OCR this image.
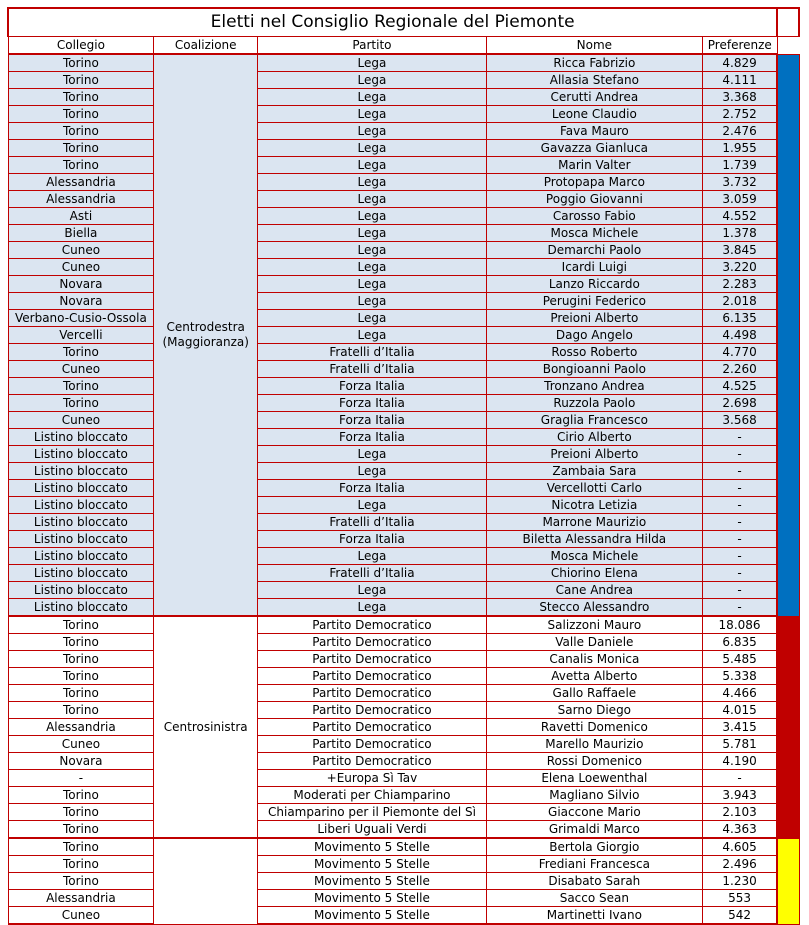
Eletti nel Consiglio Regionale del Piemonte					
Collegio	Coalizione	Partito	Nome	Preferenze	
Torino	Centrodestra (Maggioranza)	Lega	Ricca Fabrizio	4.829	
Torino		Lega	Allasia Stefano	4.111	
Torino		Lega	Cerutti Andrea	3.368	
Torino		Lega	Leone Claudio	2.752	
Torino		Lega	Fava Mauro	2.476	
Torino		Lega	Gavazza Gianluca	1.955	
Torino		Lega	Marin Valter	1.739	
Alessandria		Lega	Protopapa Marco	3.732	
Alessandria		Lega	Poggio Giovanni	3.059	
Asti		Lega	Carosso Fabio	4.552	
Biella		Lega	Mosca Michele	1.378	
Cuneo		Lega	Demarchi Paolo	3.845	
Cuneo		Lega	Icardi Luigi	3.220	
Novara		Lega	Lanzo Riccardo	2.283	
Novara		Lega	Perugini Federico	2.018	
Verbano-Cusio-Ossola		Lega	Preioni Alberto	6.135	
Vercelli		Lega	Dago Angelo	4.498	
Torino		Fratelli d’Italia	Rosso Roberto	4.770	
Cuneo		Fratelli d’Italia	Bongioanni Paolo	2.260	
Torino		Forza Italia	Tronzano Andrea	4.525	
Torino		Forza Italia	Ruzzola Paolo	2.698	
Cuneo		Forza Italia	Graglia Francesco	3.568	
Listino bloccato		Forza Italia	Cirio Alberto	-	
Listino bloccato		Lega	Preioni Alberto	-	
Listino bloccato		Lega	Zambaia Sara	-	
Listino bloccato		Forza Italia	Vercellotti Carlo	-	
Listino bloccato		Lega	Nicotra Letizia	-	
Listino bloccato		Fratelli d’Italia	Marrone Maurizio	-	
Listino bloccato		Forza Italia	Biletta Alessandra Hilda	-	
Listino bloccato		Lega	Mosca Michele	-	
Listino bloccato		Fratelli d’Italia	Chiorino Elena	-	
Listino bloccato		Lega	Cane Andrea	-	
Listino bloccato		Lega	Stecco Alessandro	-	
Torino	Centrosinistra	Partito Democratico	Salizzoni Mauro	18.086	
Torino		Partito Democratico	Valle Daniele	6.835	
Torino		Partito Democratico	Canalis Monica	5.485	
Torino		Partito Democratico	Avetta Alberto	5.338	
Torino		Partito Democratico	Gallo Raffaele	4.466	
Torino		Partito Democratico	Sarno Diego	4.015	
Alessandria		Partito Democratico	Ravetti Domenico	3.415	
Cuneo		Partito Democratico	Marello Maurizio	5.781	
Novara		Partito Democratico	Rossi Domenico	4.190	
-		+Europa Sì Tav	Elena Loewenthal	-	
Torino		Moderati per Chiamparino	Magliano Silvio	3.943	
Torino		Chiamparino per il Piemonte del Sì	Giaccone Mario	2.103	
Torino		Liberi Uguali Verdi	Grimaldi Marco	4.363	
Torino		Movimento 5 Stelle	Bertola Giorgio	4.605	
Torino		Movimento 5 Stelle	Frediani Francesca	2.496	
Torino		Movimento 5 Stelle	Disabato Sarah	1.230	
Alessandria		Movimento 5 Stelle	Sacco Sean	553	
Cuneo		Movimento 5 Stelle	Martinetti Ivano	542	
